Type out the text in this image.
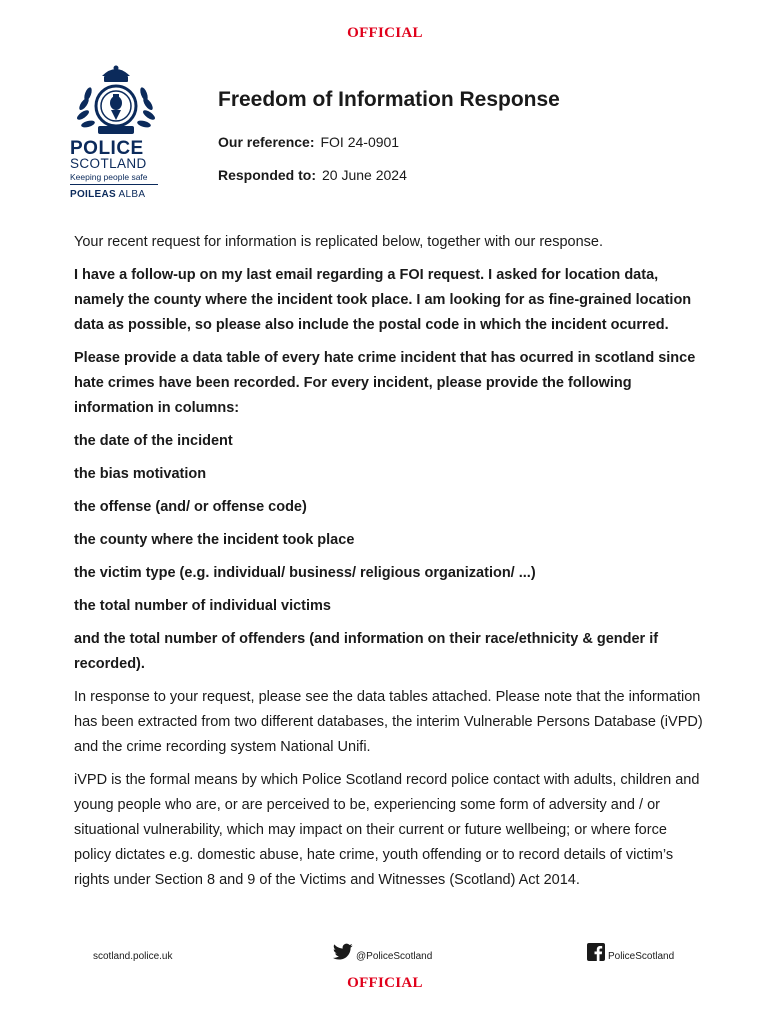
OFFICIAL
POLICE
SCOTLAND
Keeping people safe
POILEAS ALBA
Freedom of Information Response
Our reference: FOI 24-0901
Responded to: 20 June 2024

Your recent request for information is replicated below, together with our response.

I have a follow-up on my last email regarding a FOI request. I asked for location data, namely the county where the incident took place. I am looking for as fine-grained location data as possible, so please also include the postal code in which the incident ocurred.

Please provide a data table of every hate crime incident that has ocurred in scotland since hate crimes have been recorded. For every incident, please provide the following information in columns:

the date of the incident

the bias motivation

the offense (and/ or offense code)

the county where the incident took place

the victim type (e.g. individual/ business/ religious organization/ ...)

the total number of individual victims

and the total number of offenders (and information on their race/ethnicity & gender if recorded).

In response to your request, please see the data tables attached. Please note that the information has been extracted from two different databases, the interim Vulnerable Persons Database (iVPD) and the crime recording system National Unifi.

iVPD is the formal means by which Police Scotland record police contact with adults, children and young people who are, or are perceived to be, experiencing some form of adversity and / or situational vulnerability, which may impact on their current or future wellbeing; or where force policy dictates e.g. domestic abuse, hate crime, youth offending or to record details of victim’s rights under Section 8 and 9 of the Victims and Witnesses (Scotland) Act 2014.

scotland.police.uk	@PoliceScotland	PoliceScotland
OFFICIAL
